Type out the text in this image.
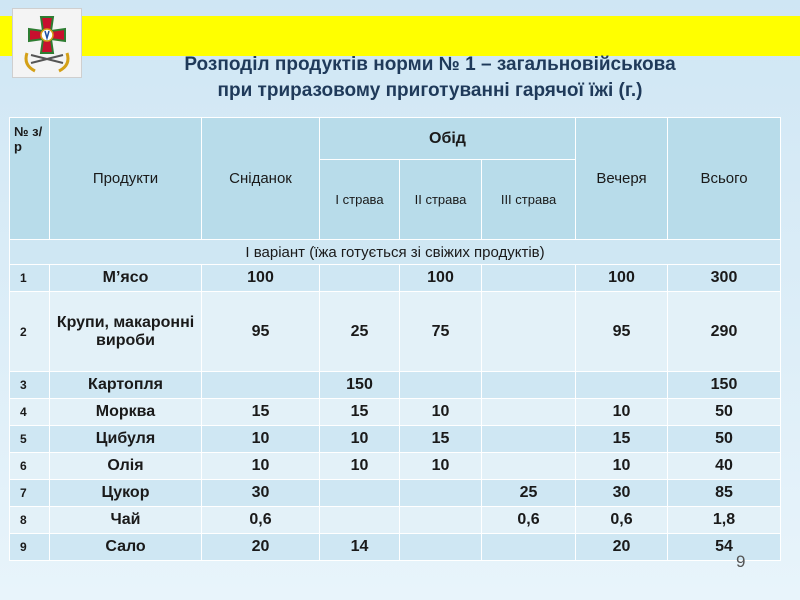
Розподіл продуктів норми № 1 – загальновійськова
при триразовому приготуванні гарячої їжі (г.)
№ з/р	Продукти	Сніданок	Обід			Вечеря	Всього
			І страва	ІІ страва	ІІІ страва		
І варіант (їжа готується зі свіжих продуктів)							
1	М’ясо	100		100		100	300
2	Крупи, макаронні вироби	95	25	75		95	290
3	Картопля		150				150
4	Морква	15	15	10		10	50
5	Цибуля	10	10	15		15	50
6	Олія	10	10	10		10	40
7	Цукор	30			25	30	85
8	Чай	0,6			0,6	0,6	1,8
9	Сало	20	14			20	54
9
